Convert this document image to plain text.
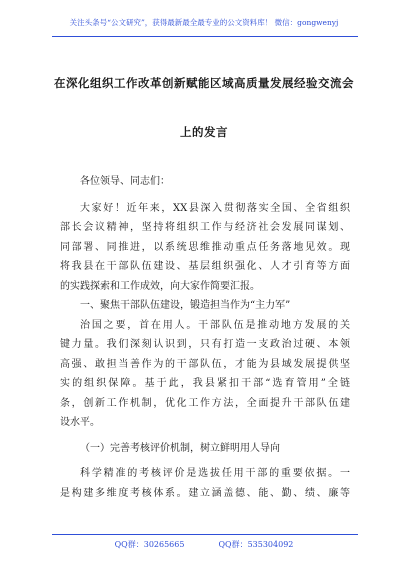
关注头条号“公文研究”，获得最新最全最专业的公文资料库！ 微信：gongwenyj
在深化组织工作改革创新赋能区域高质量发展经验交流会
上的发言

各位领导、同志们：

大家好！近年来，XX县深入贯彻落实全国、全省组织
部长会议精神，坚持将组织工作与经济社会发展同谋划、
同部署、同推进，以系统思维推动重点任务落地见效。现
将我县在干部队伍建设、基层组织强化、人才引育等方面

的实践探索和工作成效，向大家作简要汇报。

一、聚焦干部队伍建设，锻造担当作为“主力军”

治国之要，首在用人。干部队伍是推动地方发展的关
键力量。我们深刻认识到，只有打造一支政治过硬、本领
高强、敢担当善作为的干部队伍，才能为县域发展提供坚
实的组织保障。基于此，我县紧扣干部“选育管用”全链
条，创新工作机制，优化工作方法，全面提升干部队伍建

设水平。

（一）完善考核评价机制，树立鲜明用人导向

科学精准的考核评价是选拔任用干部的重要依据。一
是构建多维度考核体系。建立涵盖德、能、勤、绩、廉等
QQ群：30265665	QQ群：535304092
